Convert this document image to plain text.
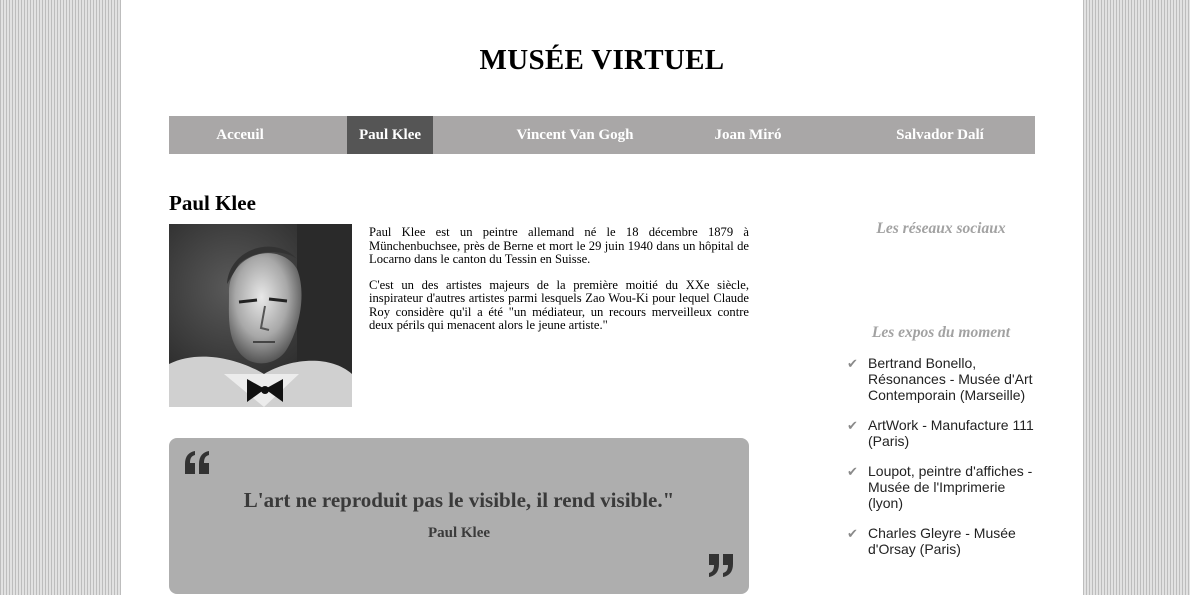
MUSÉE VIRTUEL
Acceuil	Paul Klee	Vincent Van Gogh	Joan Miró	Salvador Dalí
Paul Klee

Paul Klee est un peintre allemand né le 18 décembre 1879 à Münchenbuchsee, près de Berne et mort le 29 juin 1940 dans un hôpital de Locarno dans le canton du Tessin en Suisse.

C'est un des artistes majeurs de la première moitié du XXe siècle, inspirateur d'autres artistes parmi lesquels Zao Wou-Ki pour lequel Claude Roy considère qu'il a été "un médiateur, un recours merveilleux contre deux périls qui menacent alors le jeune artiste."

L'art ne reproduit pas le visible, il rend visible."
Paul Klee
Les réseaux sociaux
Les expos du moment
✔ Bertrand Bonello, Résonances - Musée d'Art Contemporain (Marseille)
✔ ArtWork - Manufacture 111 (Paris)
✔ Loupot, peintre d'affiches - Musée de l'Imprimerie (lyon)
✔ Charles Gleyre - Musée d'Orsay (Paris)
